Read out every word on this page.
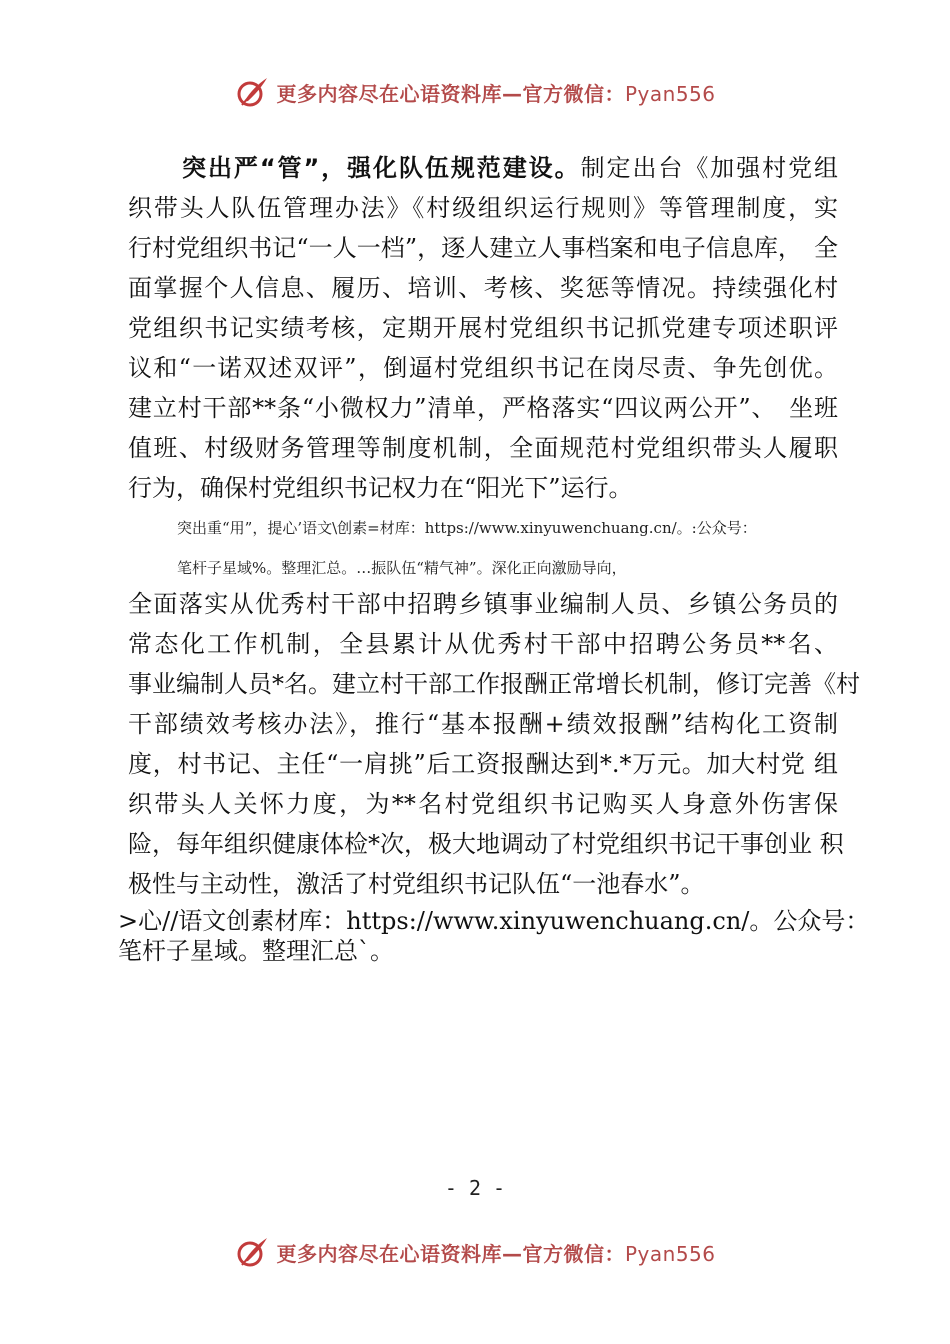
更多内容尽在心语资料库—官方微信：Pyan556
突出严“管”，强化队伍规范建设。制定出台《加强村党组
织带头人队伍管理办法》《村级组织运行规则》等管理制度，实
行村党组织书记“一人一档”，逐人建立人事档案和电子信息库，　全
面掌握个人信息、履历、培训、考核、奖惩等情况。持续强化村
党组织书记实绩考核，定期开展村党组织书记抓党建专项述职评
议和“一诺双述双评”，倒逼村党组织书记在岗尽责、争先创优。
建立村干部**条“小微权力”清单，严格落实“四议两公开”、　坐班
值班、村级财务管理等制度机制，全面规范村党组织带头人履职
行为，确保村党组织书记权力在“阳光下”运行。
突出重“用”，提心’语文\创素=材库：https://www.xinyuwenchuang.cn/。:公众号：
笔杆子星域%。整理汇总。…振队伍“精气神”。深化正向激励导向，
全面落实从优秀村干部中招聘乡镇事业编制人员、乡镇公务员的
常态化工作机制，全县累计从优秀村干部中招聘公务员**名、
事业编制人员*名。建立村干部工作报酬正常增长机制，修订完善《村
干部绩效考核办法》，推行“基本报酬+绩效报酬”结构化工资制
度，村书记、主任“一肩挑”后工资报酬达到*.*万元。加大村党 组
织带头人关怀力度，为**名村党组织书记购买人身意外伤害保
险，每年组织健康体检*次，极大地调动了村党组织书记干事创业 积
极性与主动性，激活了村党组织书记队伍“一池春水”。
>心//语文创素材库：https://www.xinyuwenchuang.cn/。公众号：
笔杆子星域。整理汇总`。
- 2 -
更多内容尽在心语资料库—官方微信：Pyan556
